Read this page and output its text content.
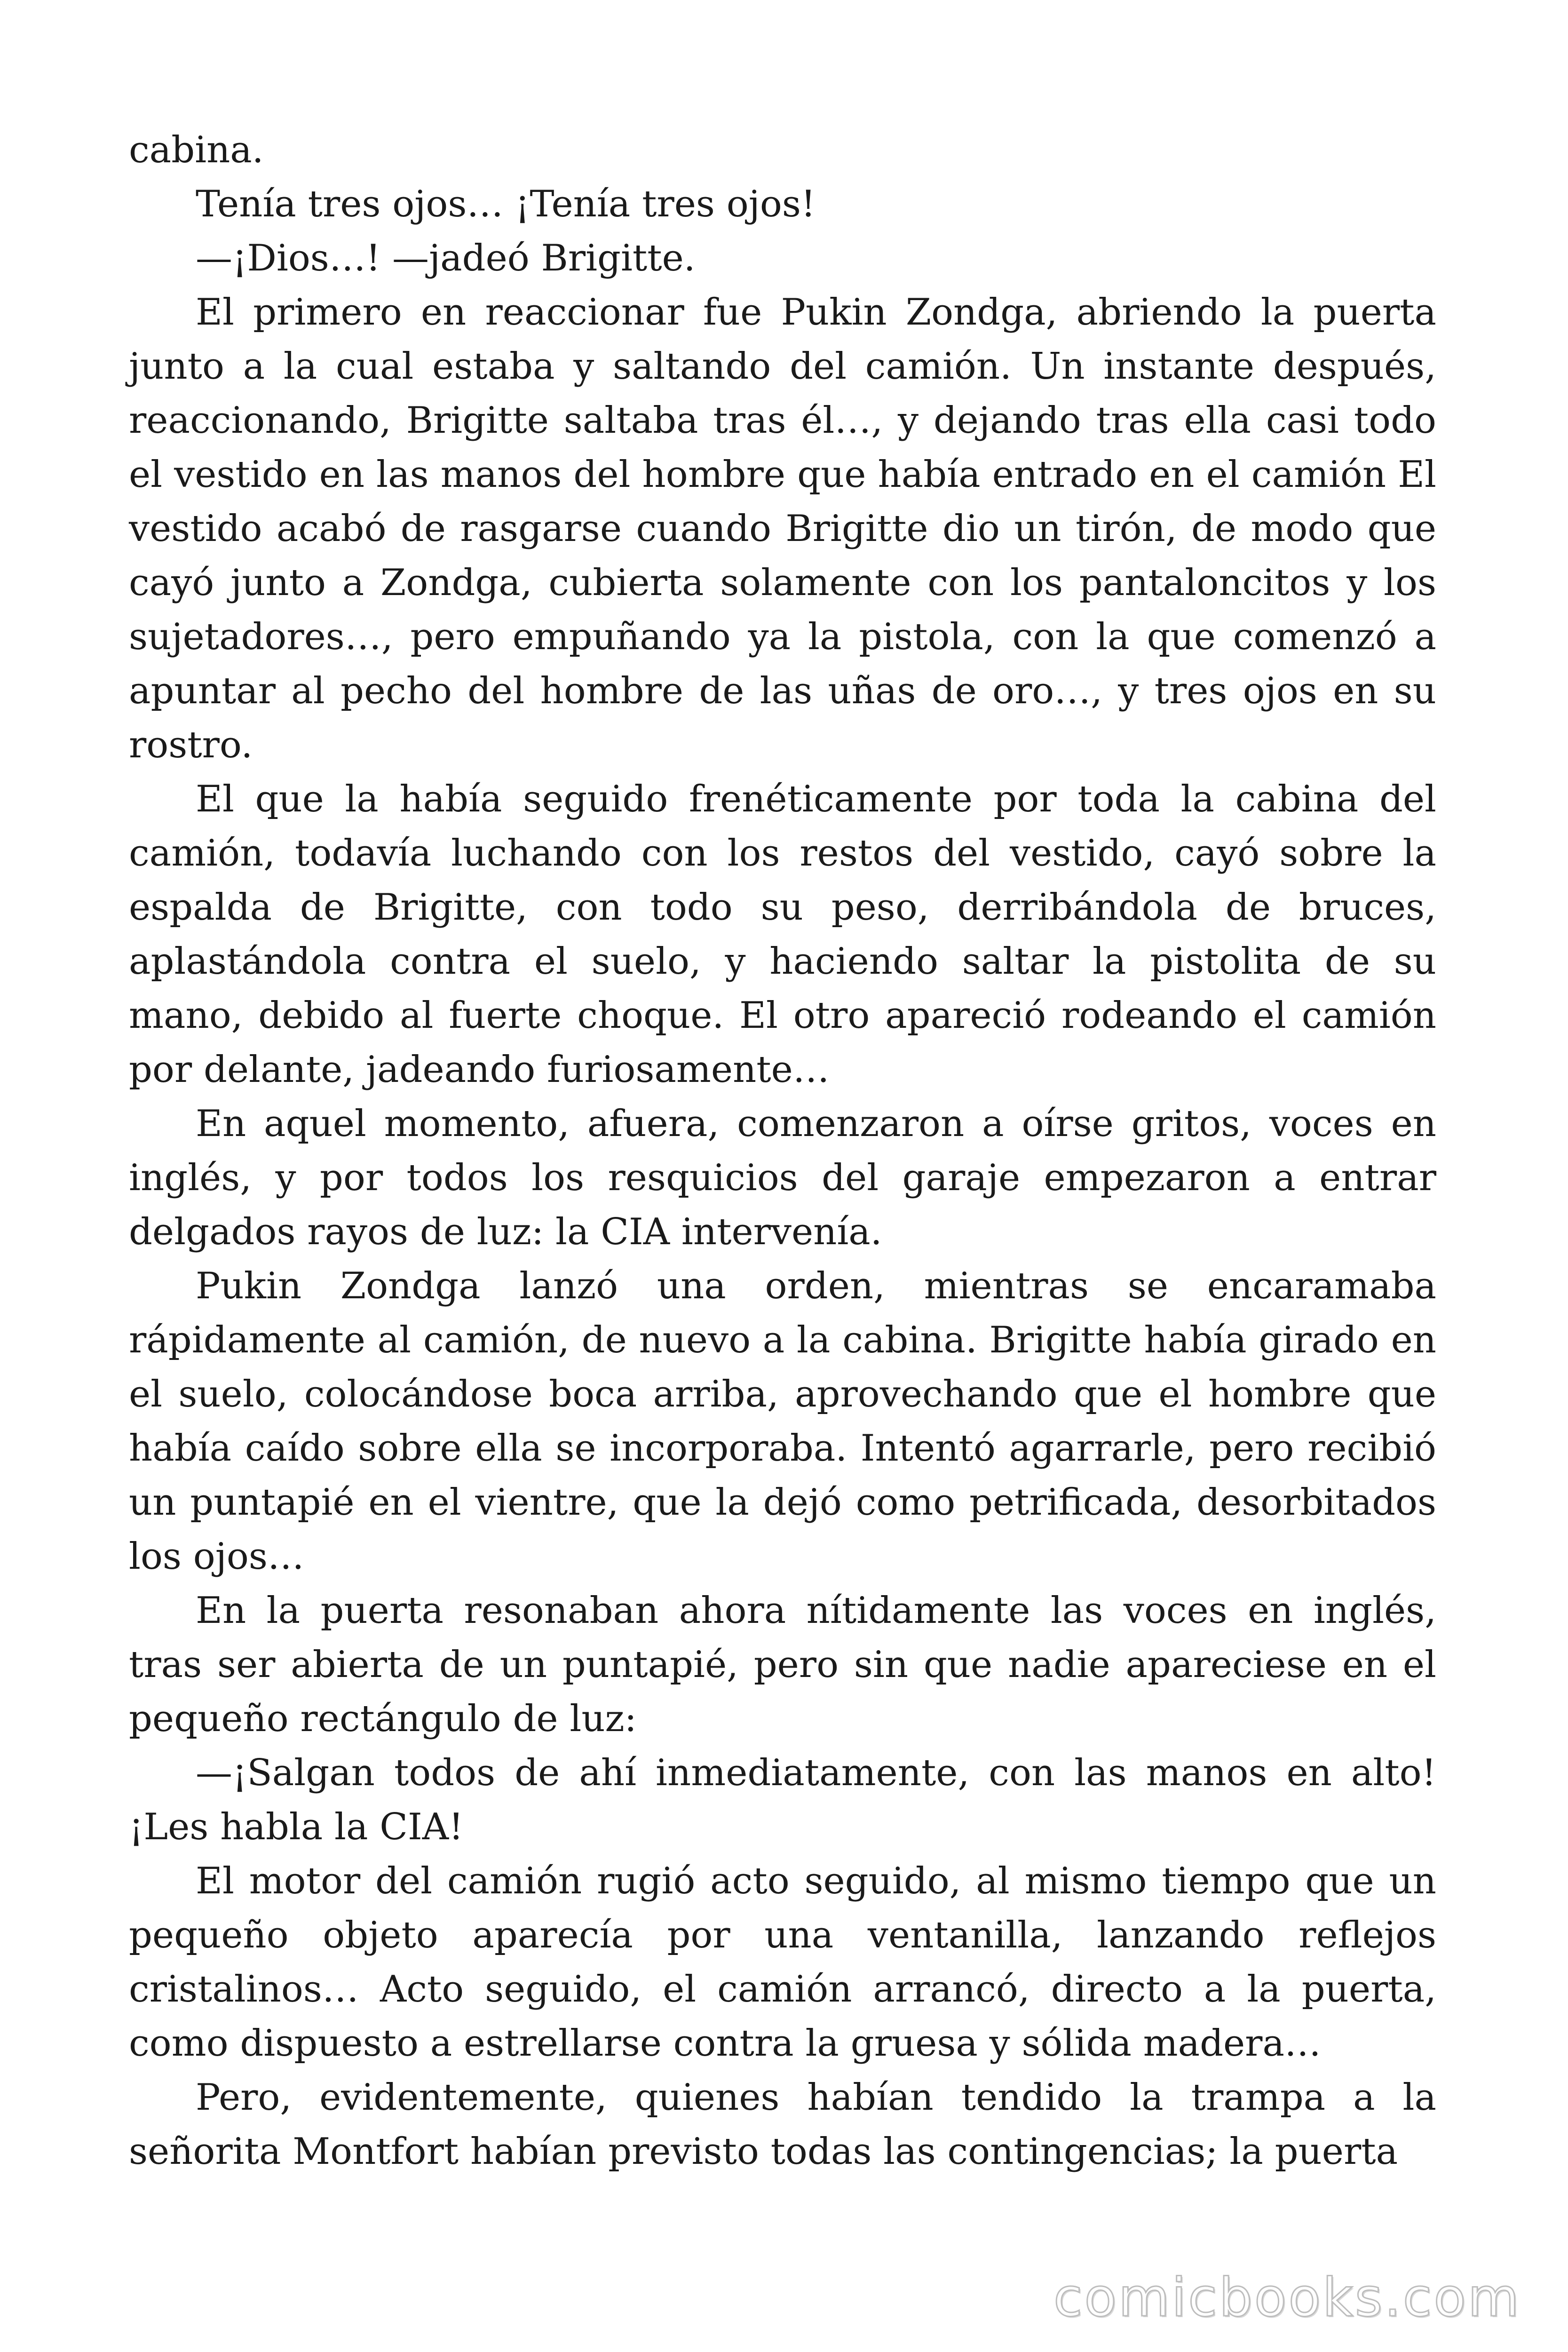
cabina.

Tenía tres ojos… ¡Tenía tres ojos!

—¡Dios…! —jadeó Brigitte.

El primero en reaccionar fue Pukin Zondga, abriendo la puerta junto a la cual estaba y saltando del camión. Un instante después, reaccionando, Brigitte saltaba tras él…, y dejando tras ella casi todo el vestido en las manos del hombre que había entrado en el camión El vestido acabó de rasgarse cuando Brigitte dio un tirón, de modo que cayó junto a Zondga, cubierta solamente con los pantaloncitos y los sujetadores…, pero empuñando ya la pistola, con la que comenzó a apuntar al pecho del hombre de las uñas de oro…, y tres ojos en su rostro.

El que la había seguido frenéticamente por toda la cabina del camión, todavía luchando con los restos del vestido, cayó sobre la espalda de Brigitte, con todo su peso, derribándola de bruces, aplastándola contra el suelo, y haciendo saltar la pistolita de su mano, debido al fuerte choque. El otro apareció rodeando el camión por delante, jadeando furiosamente…

En aquel momento, afuera, comenzaron a oírse gritos, voces en inglés, y por todos los resquicios del garaje empezaron a entrar delgados rayos de luz: la CIA intervenía.

Pukin Zondga lanzó una orden, mientras se encaramaba rápidamente al camión, de nuevo a la cabina. Brigitte había girado en el suelo, colocándose boca arriba, aprovechando que el hombre que había caído sobre ella se incorporaba. Intentó agarrarle, pero recibió un puntapié en el vientre, que la dejó como petrificada, desorbitados los ojos…

En la puerta resonaban ahora nítidamente las voces en inglés, tras ser abierta de un puntapié, pero sin que nadie apareciese en el pequeño rectángulo de luz:

—¡Salgan todos de ahí inmediatamente, con las manos en alto! ¡Les habla la CIA!

El motor del camión rugió acto seguido, al mismo tiempo que un pequeño objeto aparecía por una ventanilla, lanzando reflejos cristalinos… Acto seguido, el camión arrancó, directo a la puerta, como dispuesto a estrellarse contra la gruesa y sólida madera…

Pero, evidentemente, quienes habían tendido la trampa a la señorita Montfort habían previsto todas las contingencias; la puerta

comicbooks.com
